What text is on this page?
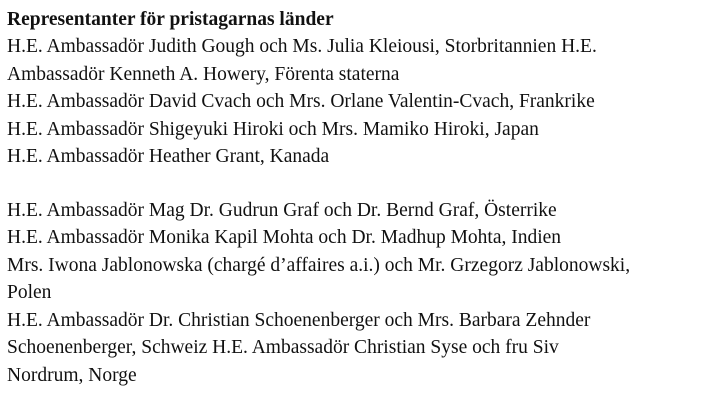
Representanter för pristagarnas länder
H.E. Ambassadör Judith Gough och Ms. Julia Kleiousi, Storbritannien H.E.
Ambassadör Kenneth A. Howery, Förenta staterna
H.E. Ambassadör David Cvach och Mrs. Orlane Valentin-Cvach, Frankrike
H.E. Ambassadör Shigeyuki Hiroki och Mrs. Mamiko Hiroki, Japan
H.E. Ambassadör Heather Grant, Kanada
H.E. Ambassadör Mag Dr. Gudrun Graf och Dr. Bernd Graf, Österrike
H.E. Ambassadör Monika Kapil Mohta och Dr. Madhup Mohta, Indien
Mrs. Iwona Jablonowska (chargé d’affaires a.i.) och Mr. Grzegorz Jablonowski,
Polen
H.E. Ambassadör Dr. Christian Schoenenberger och Mrs. Barbara Zehnder
Schoenenberger, Schweiz H.E. Ambassadör Christian Syse och fru Siv
Nordrum, Norge
